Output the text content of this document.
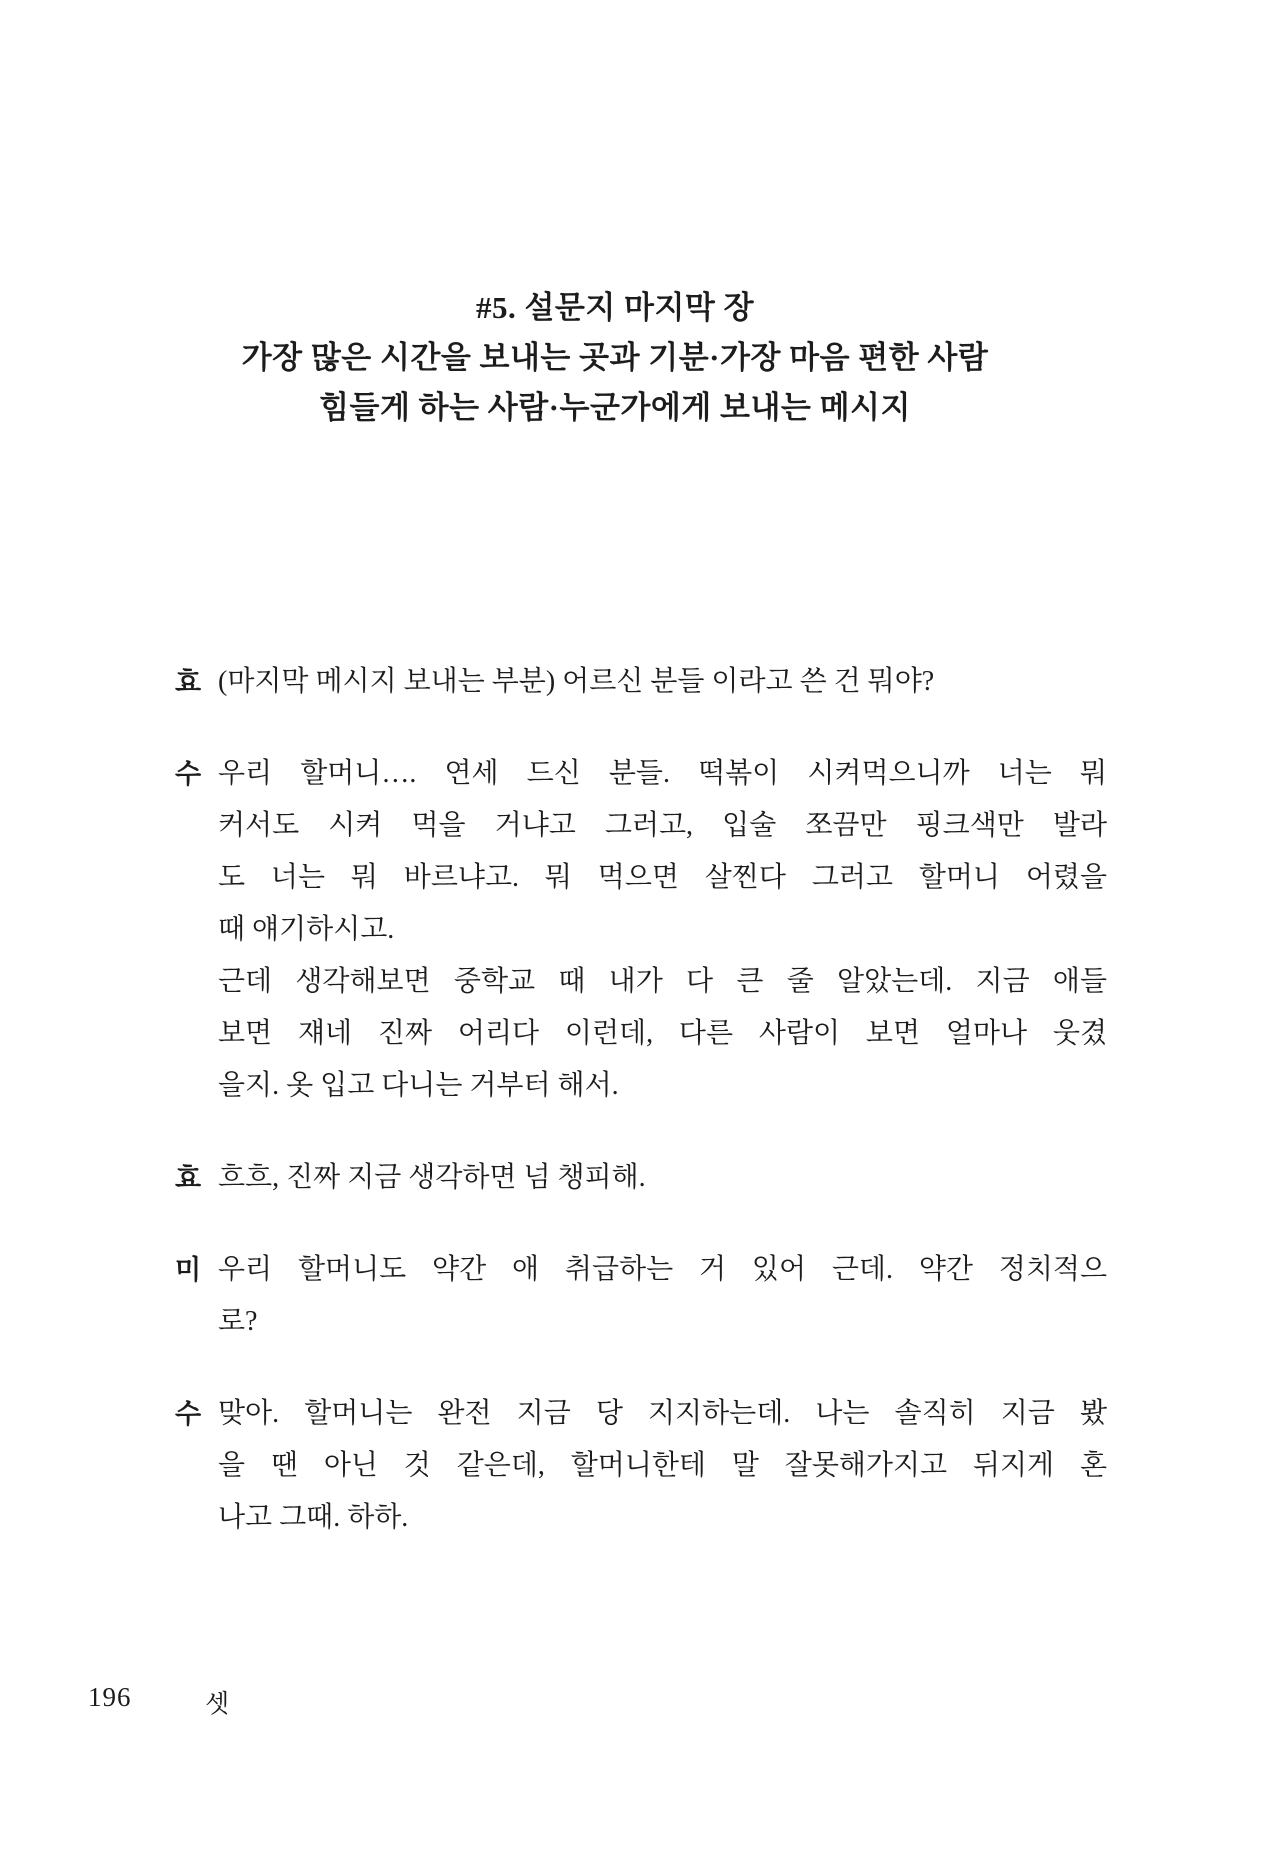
#5. 설문지 마지막 장
가장 많은 시간을 보내는 곳과 기분·가장 마음 편한 사람
힘들게 하는 사람·누군가에게 보내는 메시지
효 (마지막 메시지 보내는 부분) 어르신 분들 이라고 쓴 건 뭐야?
수 우리 할머니…. 연세 드신 분들. 떡볶이 시켜먹으니까 너는 뭐
커서도 시켜 먹을 거냐고 그러고, 입술 쪼끔만 핑크색만 발라
도 너는 뭐 바르냐고. 뭐 먹으면 살찐다 그러고 할머니 어렸을
때 얘기하시고.
근데 생각해보면 중학교 때 내가 다 큰 줄 알았는데. 지금 애들
보면 쟤네 진짜 어리다 이런데, 다른 사람이 보면 얼마나 웃겼
을지. 옷 입고 다니는 거부터 해서.
효 흐흐, 진짜 지금 생각하면 넘 챙피해.
미 우리 할머니도 약간 애 취급하는 거 있어 근데. 약간 정치적으
로?
수 맞아. 할머니는 완전 지금 당 지지하는데. 나는 솔직히 지금 봤
을 땐 아닌 것 같은데, 할머니한테 말 잘못해가지고 뒤지게 혼
나고 그때. 하하.
196	셋
